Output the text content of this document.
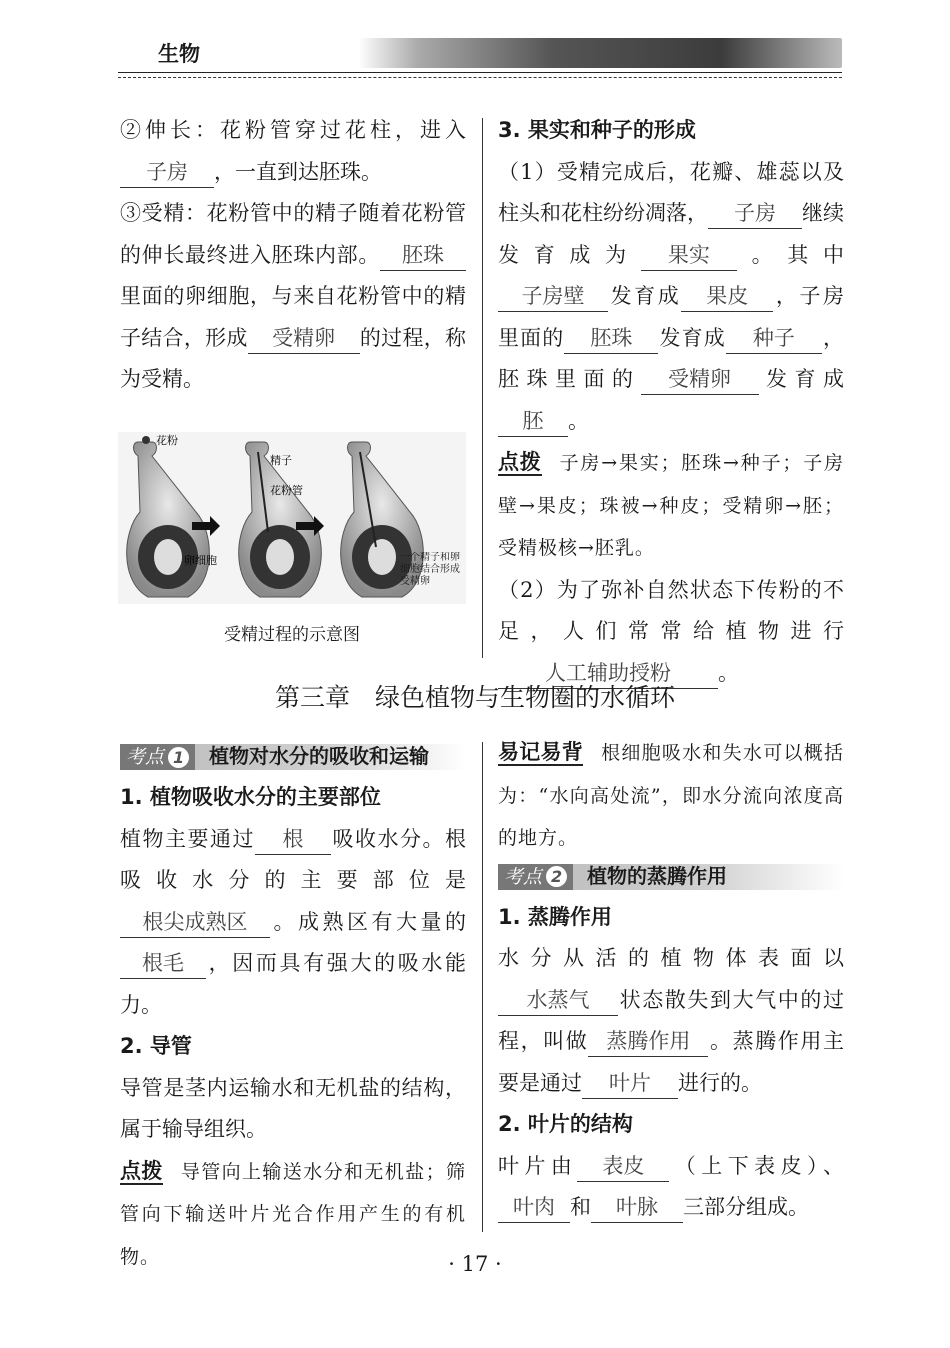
生物

②伸长：花粉管穿过花柱，进入子房 ，一直到达胚珠。

③受精：花粉管中的精子随着花粉管的伸长最终进入胚珠内部。 胚珠里面的卵细胞，与来自花粉管中的精子结合，形成 受精卵 的过程，称为受精。

花粉
精子
花粉管
卵细胞	一个精子和卵细胞结合形成受精卵
受精过程的示意图

3. 果实和种子的形成

（1）受精完成后，花瓣、雄蕊以及柱头和花柱纷纷凋落， 子房 继续发育成为 果实 。其中子房壁 发育成 果皮 ，子房里面的 胚珠 发育成 种子 ，胚珠里面的 受精卵 发育成胚 。

点拨 子房→果实；胚珠→种子；子房壁→果皮；珠被→种皮；受精卵→胚；受精极核→胚乳。

（2）为了弥补自然状态下传粉的不足，人们常常给植物进行人工辅助授粉 。

第三章　绿色植物与生物圈的水循环
考点 1	植物对水分的吸收和运输

1. 植物吸收水分的主要部位

植物主要通过 根 吸收水分。根吸收水分的主要部位是根尖成熟区 。成熟区有大量的根毛 ，因而具有强大的吸水能力。

2. 导管

导管是茎内运输水和无机盐的结构，属于输导组织。

点拨 导管向上输送水分和无机盐；筛管向下输送叶片光合作用产生的有机物。

易记易背 根细胞吸水和失水可以概括为：“水向高处流”，即水分流向浓度高的地方。

考点 2	植物的蒸腾作用

1. 蒸腾作用

水分从活的植物体表面以水蒸气 状态散失到大气中的过程，叫做 蒸腾作用 。蒸腾作用主要是通过 叶片 进行的。

2. 叶片的结构

叶片由 表皮 （上下表皮）、叶肉 和 叶脉 三部分组成。

· 17 ·
